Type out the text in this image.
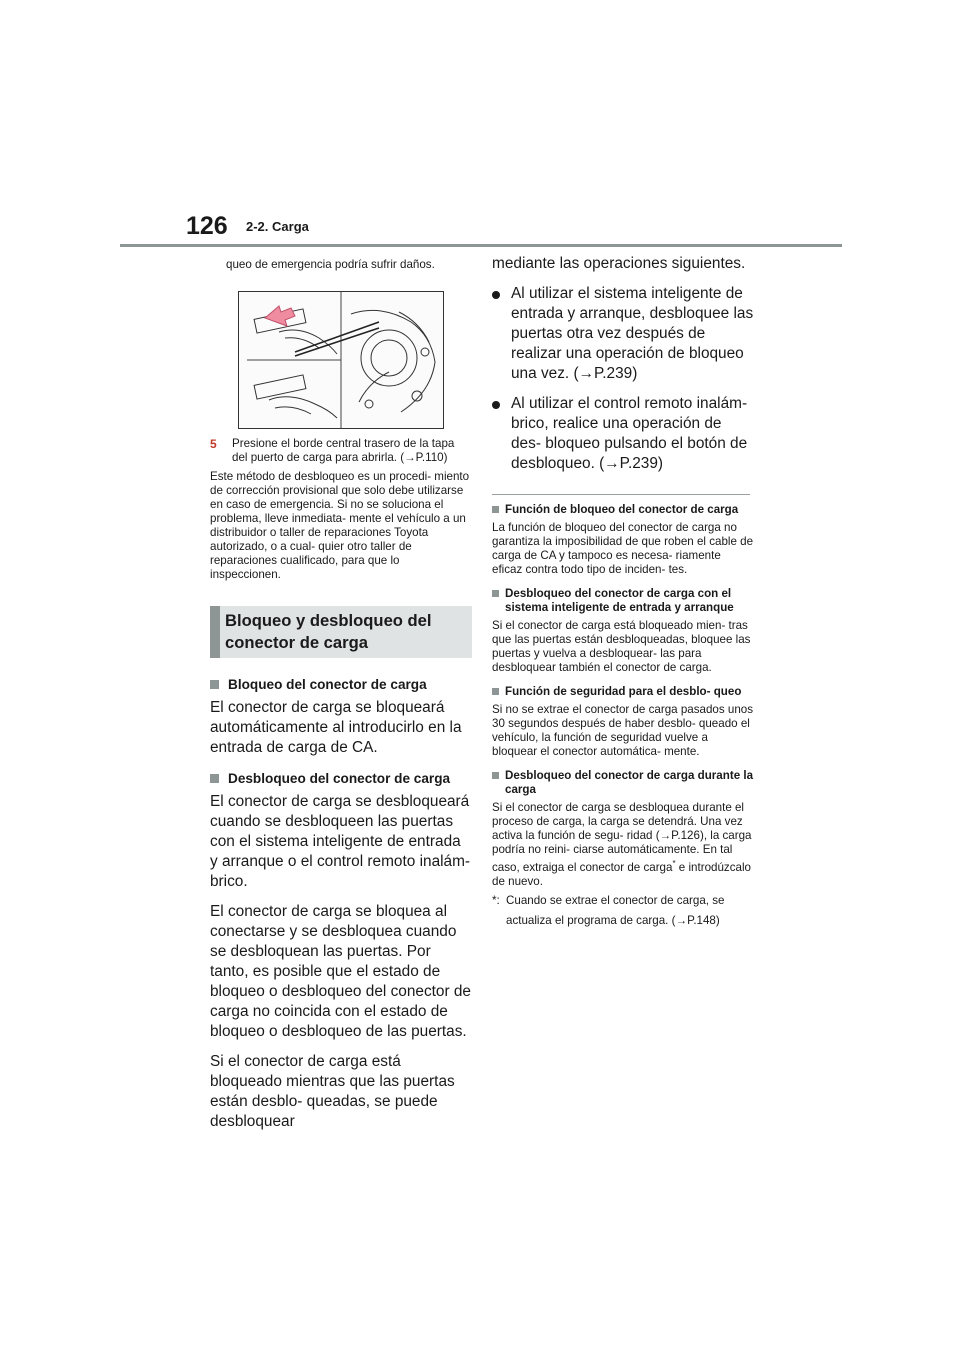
126 2-2. Carga

queo de emergencia podría sufrir daños.

5	Presione el borde central trasero de la tapa del puerto de carga para abrirla. (→P.110)

Este método de desbloqueo es un procedi- miento de corrección provisional que solo debe utilizarse en caso de emergencia. Si no se soluciona el problema, lleve inmediata- mente el vehículo a un distribuidor o taller de reparaciones Toyota autorizado, o a cual- quier otro taller de reparaciones cualificado, para que lo inspeccionen.

Bloqueo y desbloqueo del
conector de carga
Bloqueo del conector de carga

El conector de carga se bloqueará automáticamente al introducirlo en la entrada de carga de CA.

Desbloqueo del conector de carga

El conector de carga se desbloqueará cuando se desbloqueen las puertas con el sistema inteligente de entrada y arranque o el control remoto inalám- brico.

El conector de carga se bloquea al conectarse y se desbloquea cuando se desbloquean las puertas. Por tanto, es posible que el estado de bloqueo o desbloqueo del conector de carga no coincida con el estado de bloqueo o desbloqueo de las puertas.

Si el conector de carga está bloqueado mientras que las puertas están desblo- queadas, se puede desbloquear

mediante las operaciones siguientes.

Al utilizar el sistema inteligente de entrada y arranque, desbloquee las puertas otra vez después de realizar una operación de bloqueo una vez. (→P.239)

Al utilizar el control remoto inalám- brico, realice una operación de des- bloqueo pulsando el botón de desbloqueo. (→P.239)

Función de bloqueo del conector de carga

La función de bloqueo del conector de carga no garantiza la imposibilidad de que roben el cable de carga de CA y tampoco es necesa- riamente eficaz contra todo tipo de inciden- tes.

Desbloqueo del conector de carga con el sistema inteligente de entrada y arranque

Si el conector de carga está bloqueado mien- tras que las puertas están desbloqueadas, bloquee las puertas y vuelva a desbloquear- las para desbloquear también el conector de carga.

Función de seguridad para el desblo- queo

Si no se extrae el conector de carga pasados unos 30 segundos después de haber desblo- queado el vehículo, la función de seguridad vuelve a bloquear el conector automática- mente.

Desbloqueo del conector de carga durante la carga

Si el conector de carga se desbloquea durante el proceso de carga, la carga se detendrá. Una vez activa la función de segu- ridad (→P.126), la carga podría no reini- ciarse automáticamente. En tal caso, extraiga el conector de carga* e introdúzcalo de nuevo.

*: Cuando se extrae el conector de carga, se actualiza el programa de carga. (→P.148)
